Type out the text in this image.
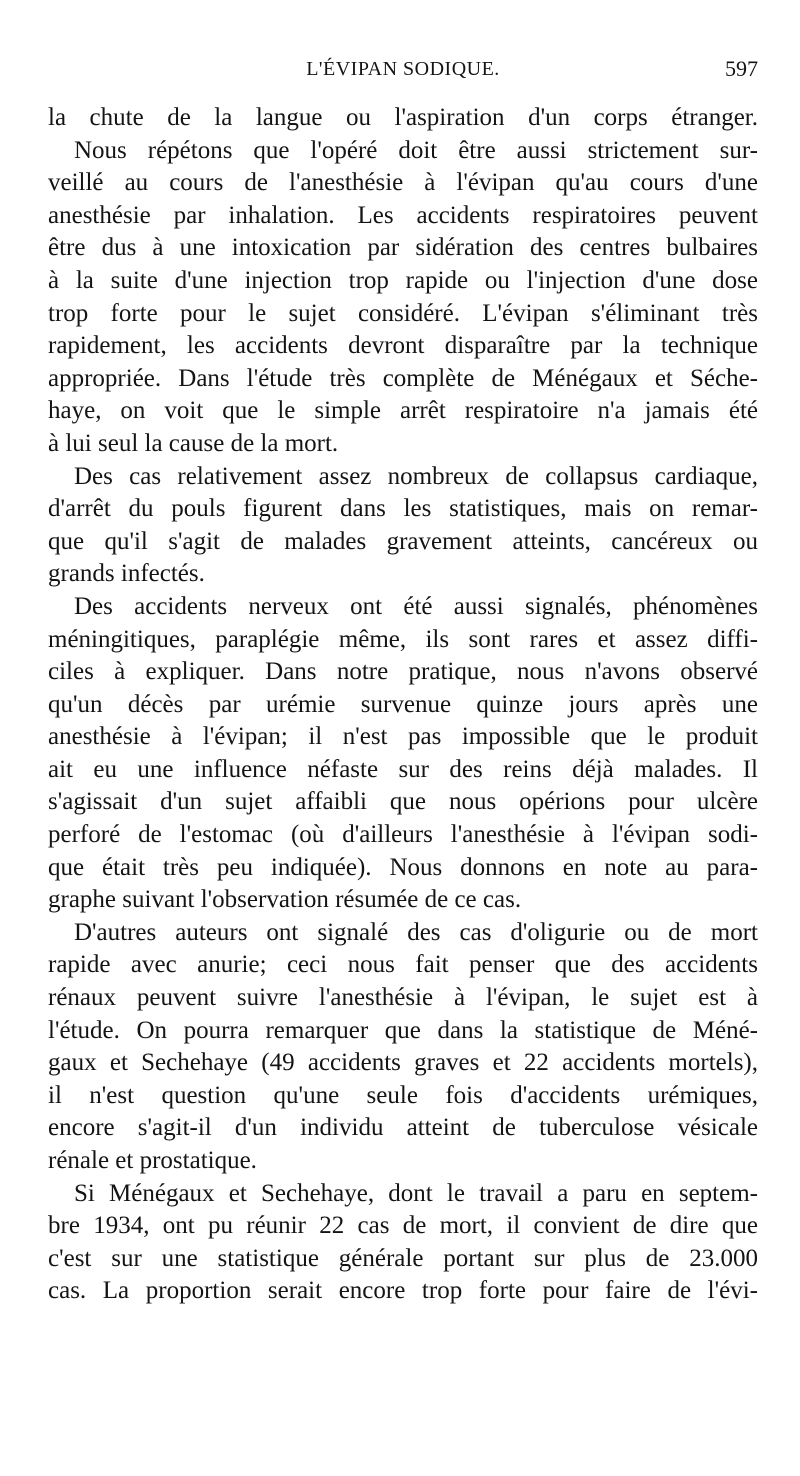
L'ÉVIPAN SODIQUE.	597
la chute de la langue ou l'aspiration d'un corps étranger.
Nous répétons que l'opéré doit être aussi strictement sur-
veillé au cours de l'anesthésie à l'évipan qu'au cours d'une
anesthésie par inhalation. Les accidents respiratoires peuvent
être dus à une intoxication par sidération des centres bulbaires
à la suite d'une injection trop rapide ou l'injection d'une dose
trop forte pour le sujet considéré. L'évipan s'éliminant très
rapidement, les accidents devront disparaître par la technique
appropriée. Dans l'étude très complète de Ménégaux et Séche-
haye, on voit que le simple arrêt respiratoire n'a jamais été
à lui seul la cause de la mort.
Des cas relativement assez nombreux de collapsus cardiaque,
d'arrêt du pouls figurent dans les statistiques, mais on remar-
que qu'il s'agit de malades gravement atteints, cancéreux ou
grands infectés.
Des accidents nerveux ont été aussi signalés, phénomènes
méningitiques, paraplégie même, ils sont rares et assez diffi-
ciles à expliquer. Dans notre pratique, nous n'avons observé
qu'un décès par urémie survenue quinze jours après une
anesthésie à l'évipan; il n'est pas impossible que le produit
ait eu une influence néfaste sur des reins déjà malades. Il
s'agissait d'un sujet affaibli que nous opérions pour ulcère
perforé de l'estomac (où d'ailleurs l'anesthésie à l'évipan sodi-
que était très peu indiquée). Nous donnons en note au para-
graphe suivant l'observation résumée de ce cas.
D'autres auteurs ont signalé des cas d'oligurie ou de mort
rapide avec anurie; ceci nous fait penser que des accidents
rénaux peuvent suivre l'anesthésie à l'évipan, le sujet est à
l'étude. On pourra remarquer que dans la statistique de Méné-
gaux et Sechehaye (49 accidents graves et 22 accidents mortels),
il n'est question qu'une seule fois d'accidents urémiques,
encore s'agit-il d'un individu atteint de tuberculose vésicale
rénale et prostatique.
Si Ménégaux et Sechehaye, dont le travail a paru en septem-
bre 1934, ont pu réunir 22 cas de mort, il convient de dire que
c'est sur une statistique générale portant sur plus de 23.000
cas. La proportion serait encore trop forte pour faire de l'évi-
